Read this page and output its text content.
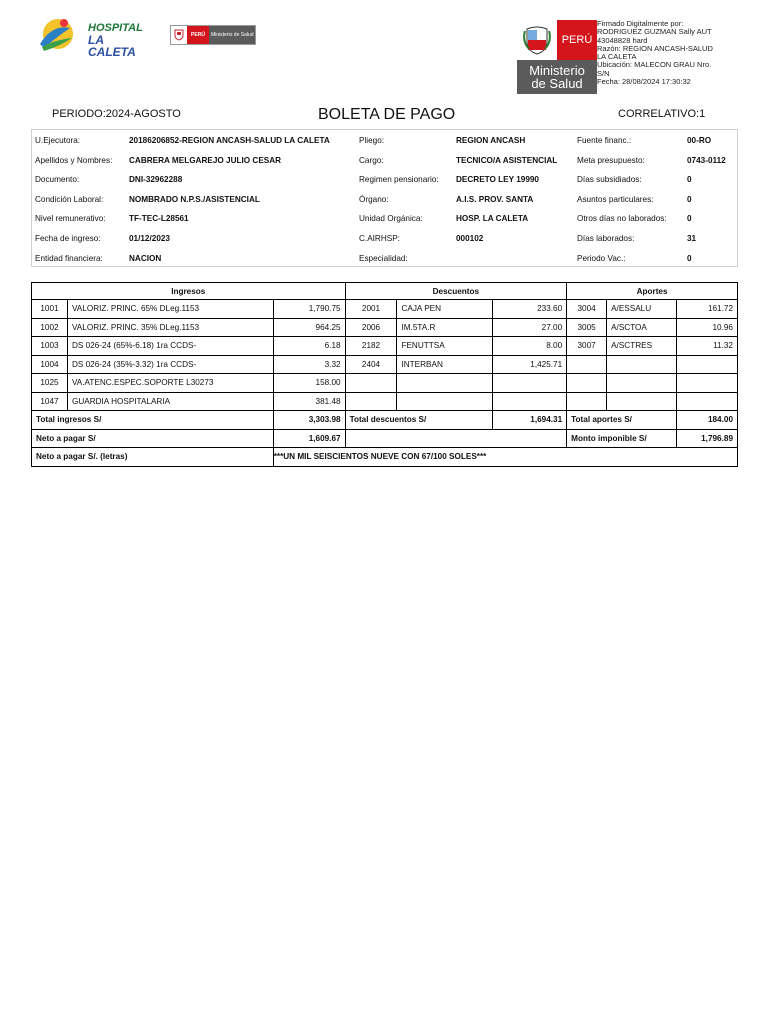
HOSPITAL
LA CALETA
PERÚ	Ministerio de Salud	PERÚ
Ministerio
de Salud
Firmado Digitalmente por:
RODRIGUEZ GUZMAN Sally AUT
43048828 hard
Razón: REGION ANCASH-SALUD
LA CALETA
Ubicación: MALECON GRAU Nro.
S/N
Fecha: 28/08/2024 17:30:32
PERIODO:2024-AGOSTO	BOLETA DE PAGO	CORRELATIVO:1
U.Ejecutora:	20186206852-REGION ANCASH-SALUD LA CALETA	Pliego:	REGION ANCASH	Fuente financ.:	00-RO
Apellidos y Nombres: CABRERA MELGAREJO JULIO CESAR	Cargo:	TECNICO/A ASISTENCIAL Meta presupuesto:	0743-0112
Documento:	DNI-32962288	Regimen pensionario: DECRETO LEY 19990	Días subsidiados:	0
Condición Laboral:	NOMBRADO N.P.S./ASISTENCIAL	Órgano:	A.I.S. PROV. SANTA	Asuntos particulares:	0
Nivel remunerativo:	TF-TEC-L28561	Unidad Orgánica:	HOSP. LA CALETA	Otros días no laborados: 0
Fecha de ingreso:	01/12/2023	C.AIRHSP:	000102	Días laborados:	31
Entidad financiera:	NACION	Especialidad:	Periodo Vac.:	0
Ingresos			Descuentos			Aportes		
1001	VALORIZ. PRINC. 65% DLeg.1153	1,790.75	2001	CAJA PEN	233.60	3004	A/ESSALU	161.72
1002	VALORIZ. PRINC. 35% DLeg.1153	964.25	2006	IM.5TA.R	27.00	3005	A/SCTOA	10.96
1003	DS 026-24 (65%-6.18) 1ra CCDS-	6.18	2182	FENUTTSA	8.00	3007	A/SCTRES	11.32
1004	DS 026-24 (35%-3.32) 1ra CCDS-	3.32	2404	INTERBAN	1,425.71			
1025	VA.ATENC.ESPEC.SOPORTE L30273	158.00						
1047	GUARDIA HOSPITALARIA	381.48						
Total ingresos S/		3,303.98	Total descuentos S/		1,694.31	Total aportes S/		184.00
Neto a pagar S/		1,609.67				Monto imponible S/		1,796.89
Neto a pagar S/. (letras)		***UN MIL SEISCIENTOS NUEVE CON 67/100 SOLES***						
